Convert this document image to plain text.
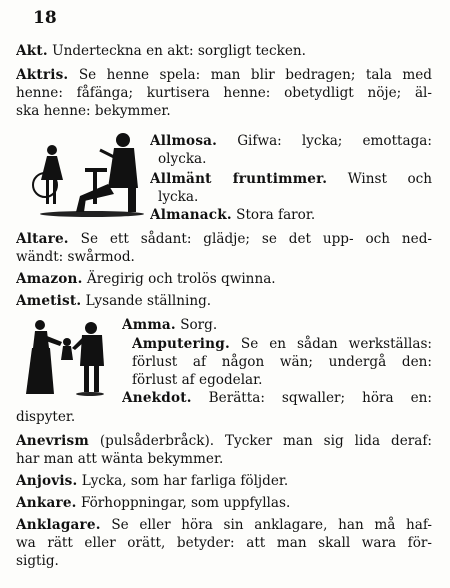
18
Akt. Underteckna en akt: sorgligt tecken.
Aktris. Se henne spela: man blir bedragen; tala med
henne: fåfänga; kurtisera henne: obetydligt nöje; äl-
ska henne: bekymmer.
Allmosa. Gifwa: lycka; emottaga:
olycka.
Allmänt fruntimmer. Winst och
lycka.
Almanack. Stora faror.
Altare. Se ett sådant: glädje; se det upp- och ned-
wändt: swårmod.
Amazon. Äregirig och trolös qwinna.
Ametist. Lysande ställning.
Amma. Sorg.
Amputering. Se en sådan werkställas:
förlust af någon wän; undergå den:
förlust af egodelar.
Anekdot. Berätta: sqwaller; höra en:
dispyter.
Anevrism (pulsåderbråck). Tycker man sig lida deraf:
har man att wänta bekymmer.
Anjovis. Lycka, som har farliga följder.
Ankare. Förhoppningar, som uppfyllas.
Anklagare. Se eller höra sin anklagare, han må haf-
wa rätt eller orätt, betyder: att man skall wara för-
sigtig.
